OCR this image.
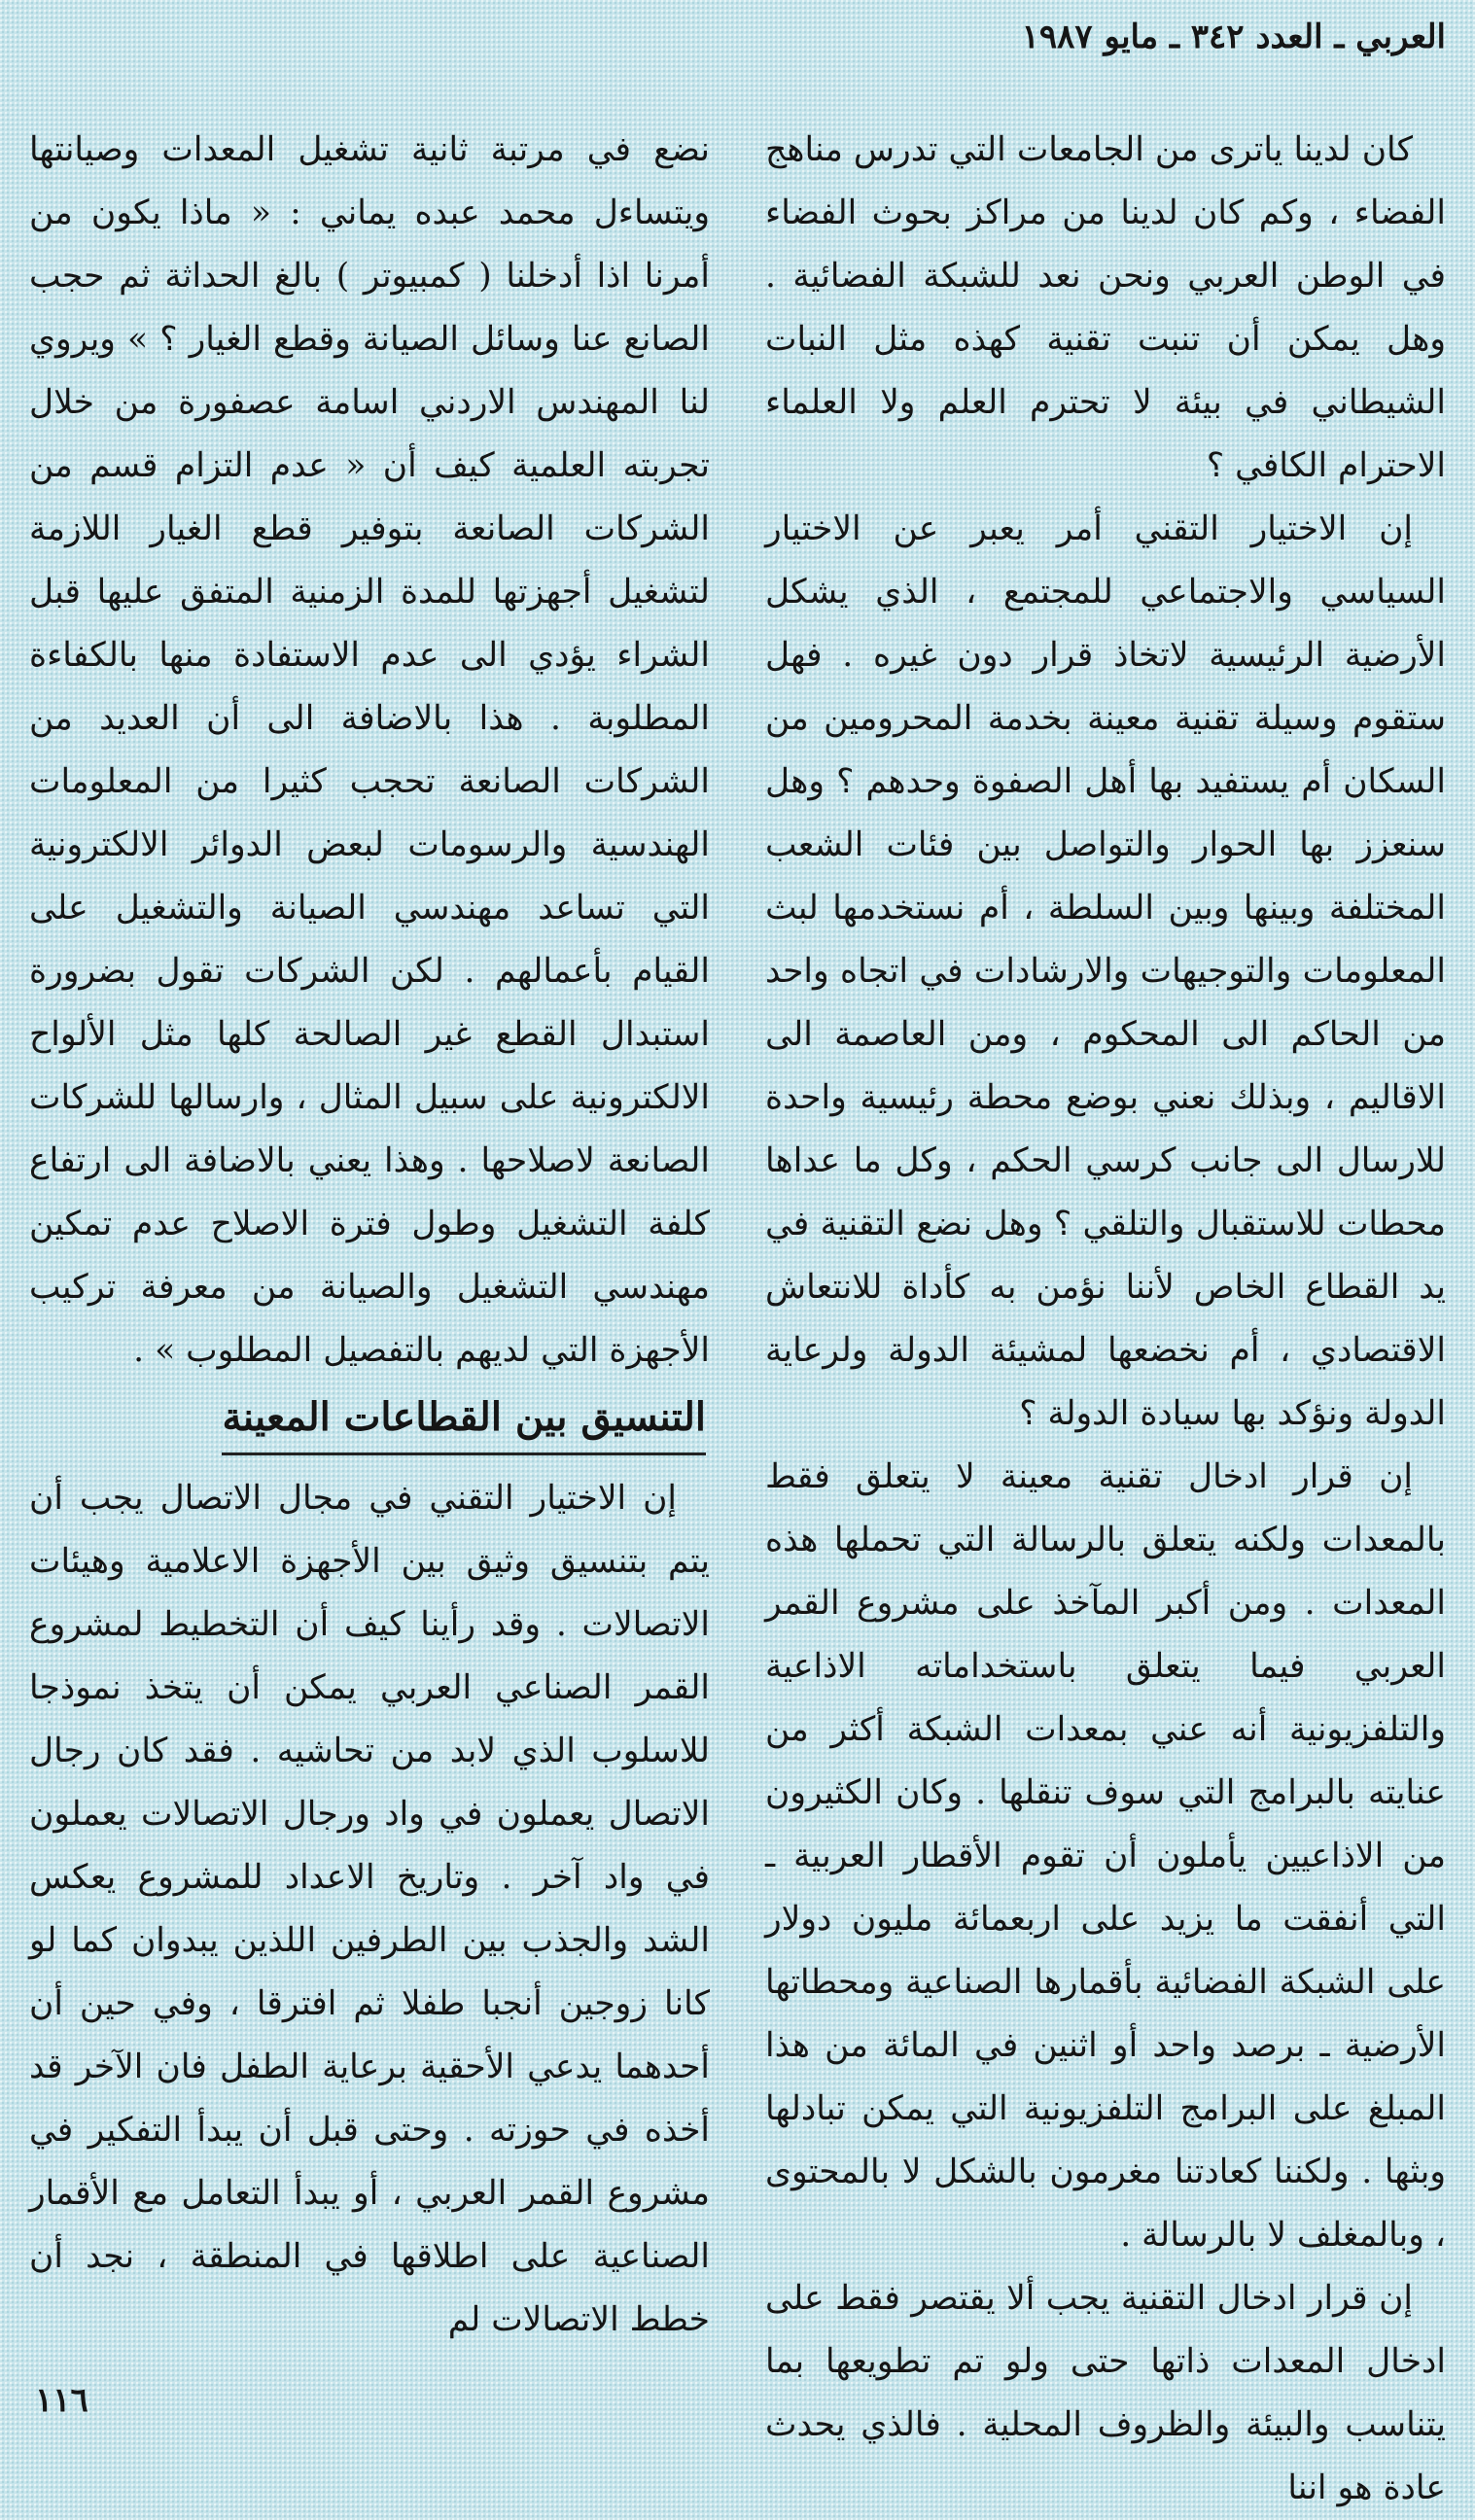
العربي ـ العدد ٣٤٢ ـ مايو ١٩٨٧

كان لدينا ياترى من الجامعات التي تدرس مناهج الفضاء ، وكم كان لدينا من مراكز بحوث الفضاء في الوطن العربي ونحن نعد للشبكة الفضائية . وهل يمكن أن تنبت تقنية كهذه مثل النبات الشيطاني في بيئة لا تحترم العلم ولا العلماء الاحترام الكافي ؟

إن الاختيار التقني أمر يعبر عن الاختيار السياسي والاجتماعي للمجتمع ، الذي يشكل الأرضية الرئيسية لاتخاذ قرار دون غيره . فهل ستقوم وسيلة تقنية معينة بخدمة المحرومين من السكان أم يستفيد بها أهل الصفوة وحدهم ؟ وهل سنعزز بها الحوار والتواصل بين فئات الشعب المختلفة وبينها وبين السلطة ، أم نستخدمها لبث المعلومات والتوجيهات والارشادات في اتجاه واحد من الحاكم الى المحكوم ، ومن العاصمة الى الاقاليم ، وبذلك نعني بوضع محطة رئيسية واحدة للارسال الى جانب كرسي الحكم ، وكل ما عداها محطات للاستقبال والتلقي ؟ وهل نضع التقنية في يد القطاع الخاص لأننا نؤمن به كأداة للانتعاش الاقتصادي ، أم نخضعها لمشيئة الدولة ولرعاية الدولة ونؤكد بها سيادة الدولة ؟

إن قرار ادخال تقنية معينة لا يتعلق فقط بالمعدات ولكنه يتعلق بالرسالة التي تحملها هذه المعدات . ومن أكبر المآخذ على مشروع القمر العربي فيما يتعلق باستخداماته الاذاعية والتلفزيونية أنه عني بمعدات الشبكة أكثر من عنايته بالبرامج التي سوف تنقلها . وكان الكثيرون من الاذاعيين يأملون أن تقوم الأقطار العربية ـ التي أنفقت ما يزيد على اربعمائة مليون دولار على الشبكة الفضائية بأقمارها الصناعية ومحطاتها الأرضية ـ برصد واحد أو اثنين في المائة من هذا المبلغ على البرامج التلفزيونية التي يمكن تبادلها وبثها . ولكننا كعادتنا مغرمون بالشكل لا بالمحتوى ، وبالمغلف لا بالرسالة .

إن قرار ادخال التقنية يجب ألا يقتصر فقط على ادخال المعدات ذاتها حتى ولو تم تطويعها بما يتناسب والبيئة والظروف المحلية . فالذي يحدث عادة هو اننا

نضع في مرتبة ثانية تشغيل المعدات وصيانتها ويتساءل محمد عبده يماني : « ماذا يكون من أمرنا اذا أدخلنا ( كمبيوتر ) بالغ الحداثة ثم حجب الصانع عنا وسائل الصيانة وقطع الغيار ؟ » ويروي لنا المهندس الاردني اسامة عصفورة من خلال تجربته العلمية كيف أن « عدم التزام قسم من الشركات الصانعة بتوفير قطع الغيار اللازمة لتشغيل أجهزتها للمدة الزمنية المتفق عليها قبل الشراء يؤدي الى عدم الاستفادة منها بالكفاءة المطلوبة . هذا بالاضافة الى أن العديد من الشركات الصانعة تحجب كثيرا من المعلومات الهندسية والرسومات لبعض الدوائر الالكترونية التي تساعد مهندسي الصيانة والتشغيل على القيام بأعمالهم . لكن الشركات تقول بضرورة استبدال القطع غير الصالحة كلها مثل الألواح الالكترونية على سبيل المثال ، وارسالها للشركات الصانعة لاصلاحها . وهذا يعني بالاضافة الى ارتفاع كلفة التشغيل وطول فترة الاصلاح عدم تمكين مهندسي التشغيل والصيانة من معرفة تركيب الأجهزة التي لديهم بالتفصيل المطلوب » .

التنسيق بين القطاعات المعينة

إن الاختيار التقني في مجال الاتصال يجب أن يتم بتنسيق وثيق بين الأجهزة الاعلامية وهيئات الاتصالات . وقد رأينا كيف أن التخطيط لمشروع القمر الصناعي العربي يمكن أن يتخذ نموذجا للاسلوب الذي لابد من تحاشيه . فقد كان رجال الاتصال يعملون في واد ورجال الاتصالات يعملون في واد آخر . وتاريخ الاعداد للمشروع يعكس الشد والجذب بين الطرفين اللذين يبدوان كما لو كانا زوجين أنجبا طفلا ثم افترقا ، وفي حين أن أحدهما يدعي الأحقية برعاية الطفل فان الآخر قد أخذه في حوزته . وحتى قبل أن يبدأ التفكير في مشروع القمر العربي ، أو يبدأ التعامل مع الأقمار الصناعية على اطلاقها في المنطقة ، نجد أن خطط الاتصالات لم

١١٦
